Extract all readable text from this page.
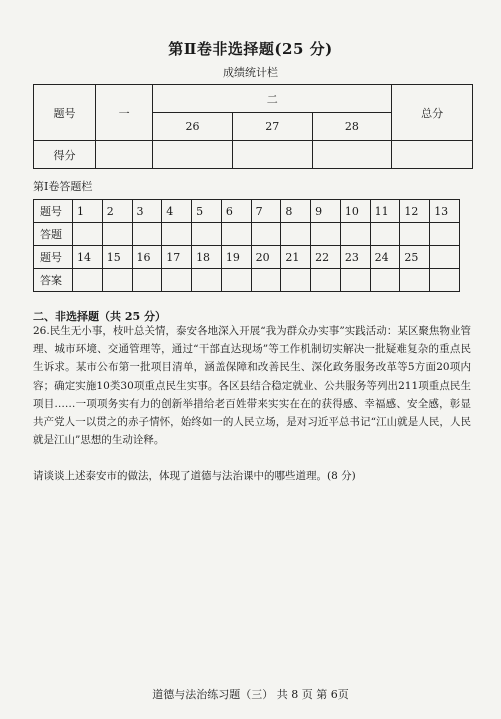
第Ⅱ卷非选择题(25 分)
成绩统计栏
题号	一	二			总分
		26	27	28	
得分					
第Ⅰ卷答题栏
题号	1	2	3	4	5	6	7	8	9	10	11	12	13
答题													
题号	14	15	16	17	18	19	20	21	22	23	24	25	
答案													
二、非选择题（共 25 分）
26.民生无小事，枝叶总关情，泰安各地深入开展“我为群众办实事”实践活动：某区聚焦物业管理、城市环境、交通管理等，通过“干部直达现场”等工作机制切实解决一批疑难复杂的重点民生诉求。某市公布第一批项目清单，涵盖保障和改善民生、深化政务服务改革等5方面20项内容；确定实施10类30项重点民生实事。各区县结合稳定就业、公共服务等列出211项重点民生项目……一项项务实有力的创新举措给老百姓带来实实在在的获得感、幸福感、安全感，彰显共产党人一以贯之的赤子情怀，始终如一的人民立场，是对习近平总书记“江山就是人民，人民就是江山”思想的生动诠释。
请谈谈上述泰安市的做法，体现了道德与法治课中的哪些道理。(8 分)
道德与法治练习题（三） 共 8 页 第 6页
